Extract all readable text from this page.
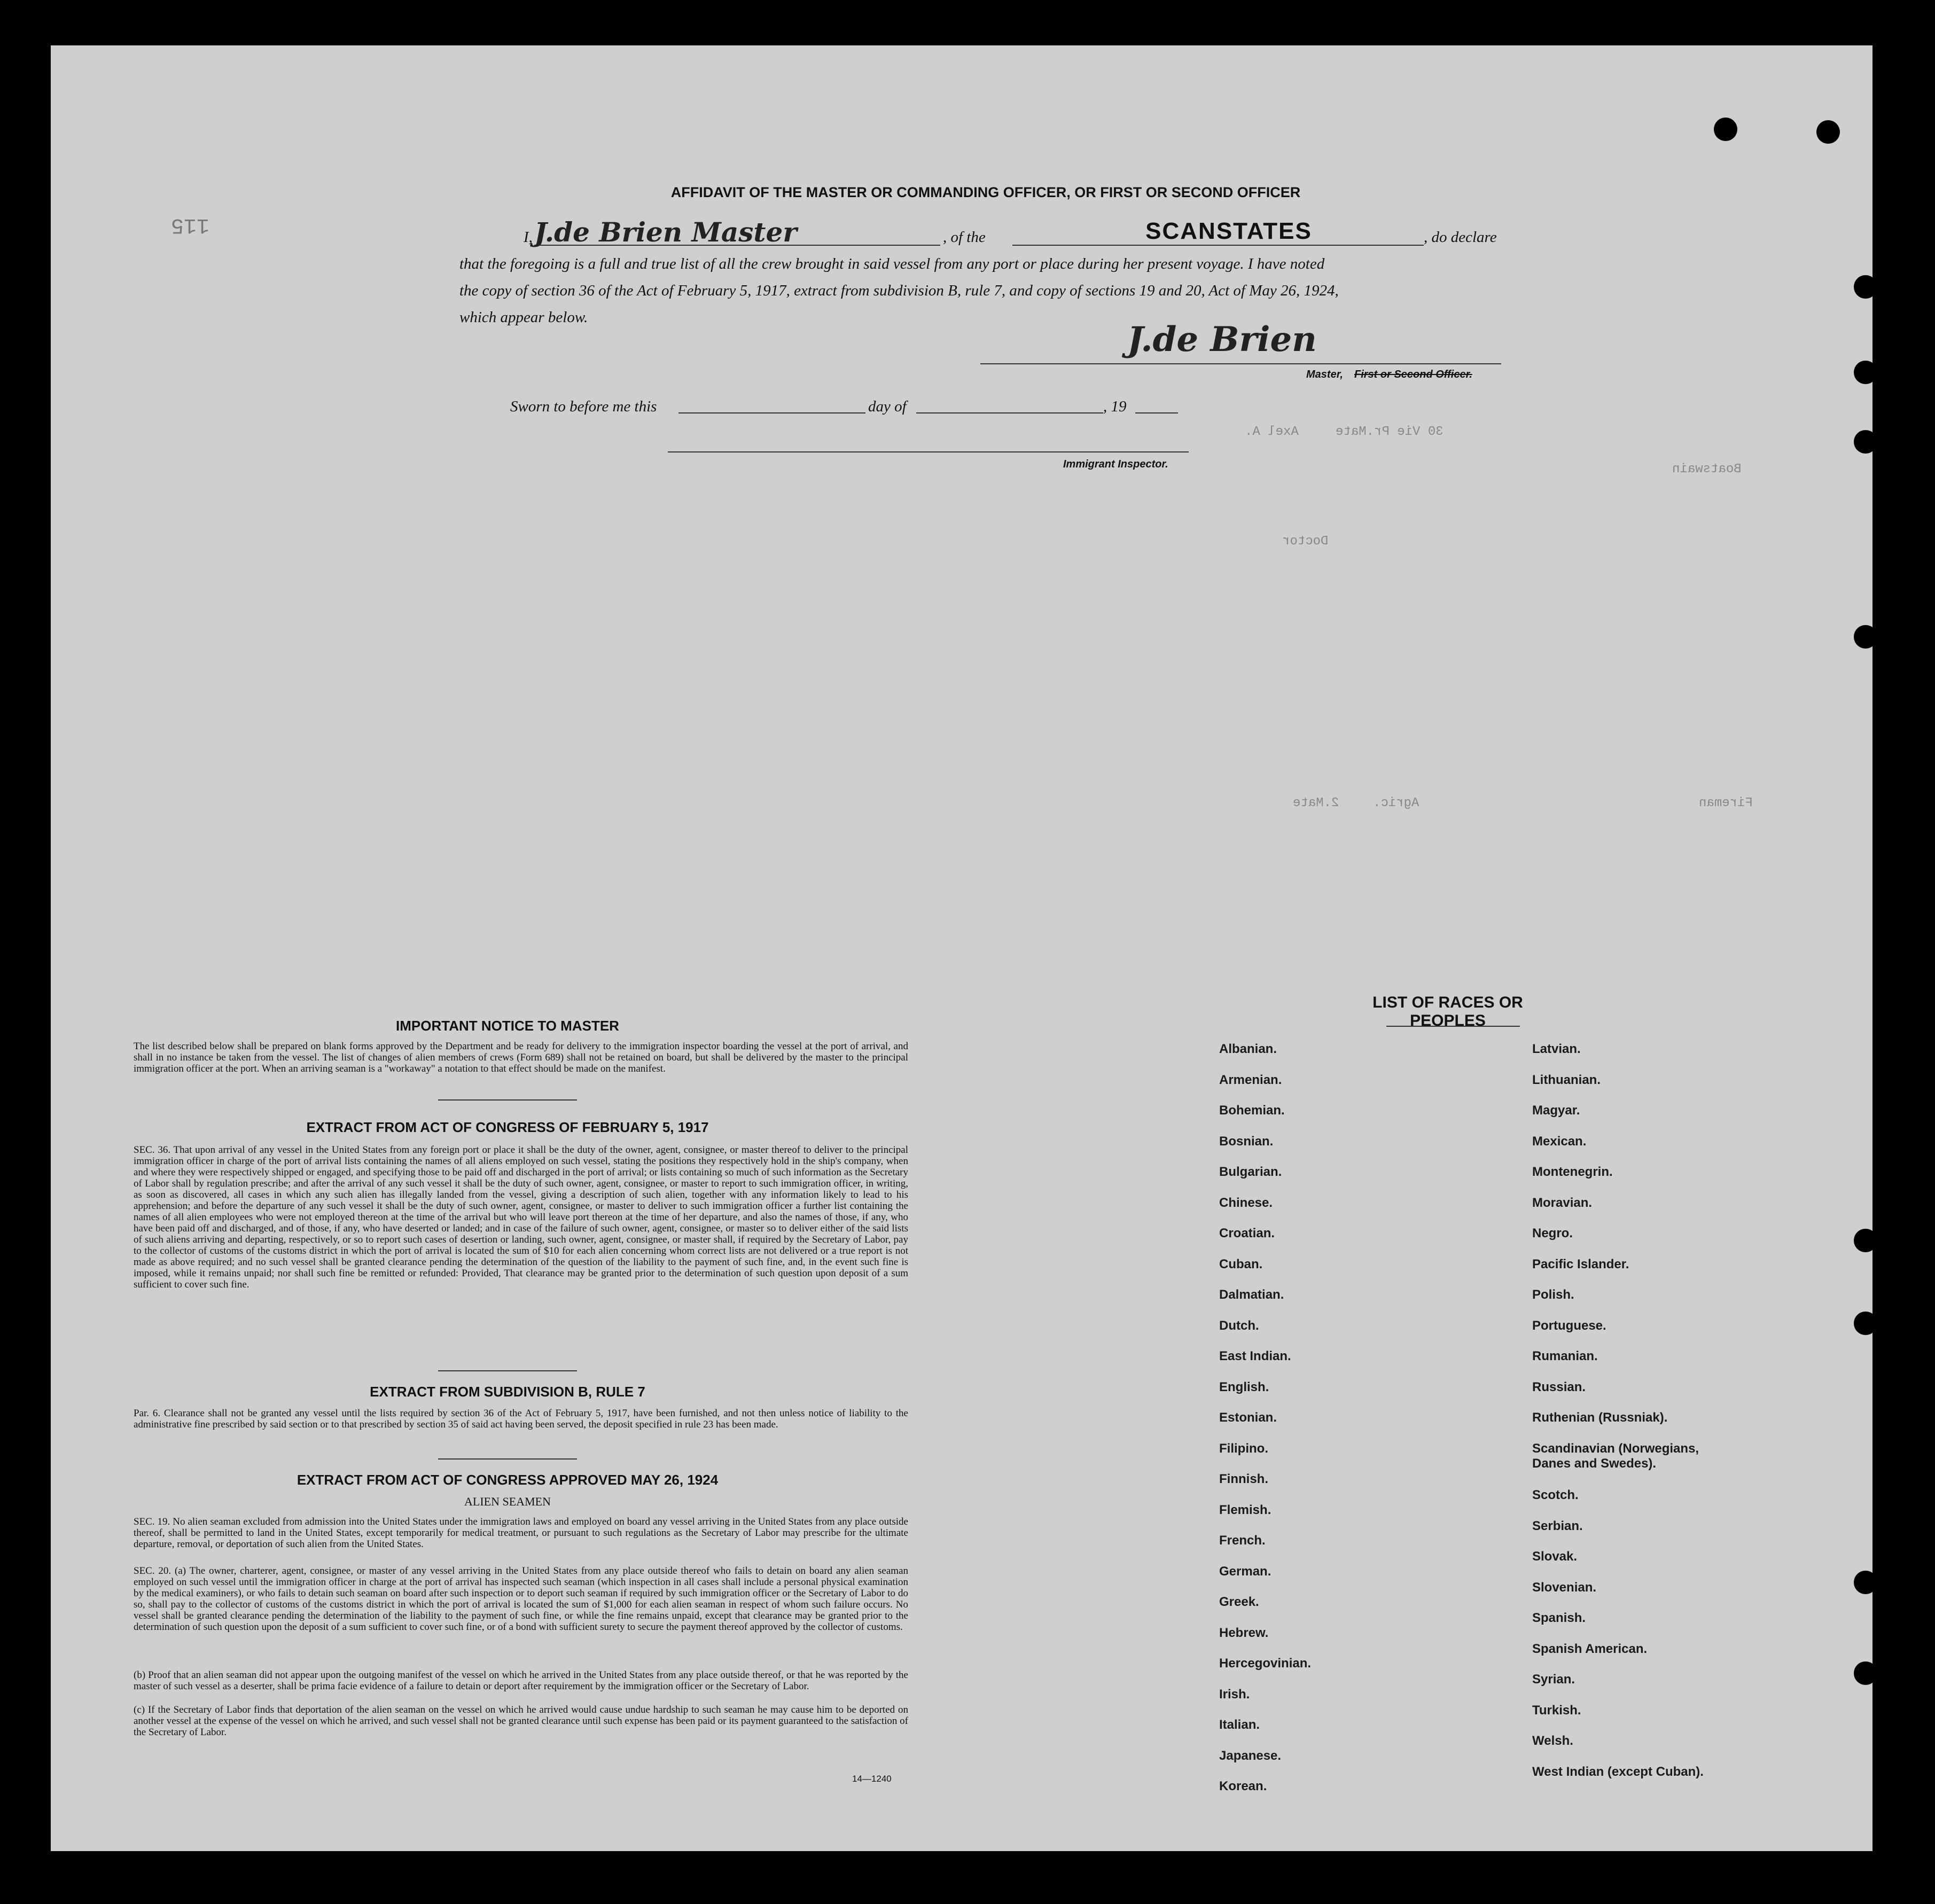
115
AFFIDAVIT OF THE MASTER OR COMMANDING OFFICER, OR FIRST OR SECOND OFFICER
I, J.de Brien Master	, of the	SCANSTATES	, do declare
that the foregoing is a full and true list of all the crew brought in said vessel from any port or place during her present voyage. I have noted
the copy of section 36 of the Act of February 5, 1917, extract from subdivision B, rule 7, and copy of sections 19 and 20, Act of May 26, 1924,
which appear below.
J.de Brien
Master, First or Second Officer.
Sworn to before me this	day of	, 19
Immigrant Inspector.
Axel A.	30 Vie Pr.Mate
Doctor
2.Mate	Fireman
Boatswain
Agric.
IMPORTANT NOTICE TO MASTER
The list described below shall be prepared on blank forms approved by the Department and be ready for delivery to the immigration inspector boarding the vessel at the port of arrival, and shall in no instance be taken from the vessel. The list of changes of alien members of crews (Form 689) shall not be retained on board, but shall be delivered by the master to the principal immigration officer at the port. When an arriving seaman is a "workaway" a notation to that effect should be made on the manifest.
EXTRACT FROM ACT OF CONGRESS OF FEBRUARY 5, 1917
SEC. 36. That upon arrival of any vessel in the United States from any foreign port or place it shall be the duty of the owner, agent, consignee, or master thereof to deliver to the principal immigration officer in charge of the port of arrival lists containing the names of all aliens employed on such vessel, stating the positions they respectively hold in the ship's company, when and where they were respectively shipped or engaged, and specifying those to be paid off and discharged in the port of arrival; or lists containing so much of such information as the Secretary of Labor shall by regulation prescribe; and after the arrival of any such vessel it shall be the duty of such owner, agent, consignee, or master to report to such immigration officer, in writing, as soon as discovered, all cases in which any such alien has illegally landed from the vessel, giving a description of such alien, together with any information likely to lead to his apprehension; and before the departure of any such vessel it shall be the duty of such owner, agent, consignee, or master to deliver to such immigration officer a further list containing the names of all alien employees who were not employed thereon at the time of the arrival but who will leave port thereon at the time of her departure, and also the names of those, if any, who have been paid off and discharged, and of those, if any, who have deserted or landed; and in case of the failure of such owner, agent, consignee, or master so to deliver either of the said lists of such aliens arriving and departing, respectively, or so to report such cases of desertion or landing, such owner, agent, consignee, or master shall, if required by the Secretary of Labor, pay to the collector of customs of the customs district in which the port of arrival is located the sum of $10 for each alien concerning whom correct lists are not delivered or a true report is not made as above required; and no such vessel shall be granted clearance pending the determination of the question of the liability to the payment of such fine, and, in the event such fine is imposed, while it remains unpaid; nor shall such fine be remitted or refunded: Provided, That clearance may be granted prior to the determination of such question upon deposit of a sum sufficient to cover such fine.
EXTRACT FROM SUBDIVISION B, RULE 7
Par. 6. Clearance shall not be granted any vessel until the lists required by section 36 of the Act of February 5, 1917, have been furnished, and not then unless notice of liability to the administrative fine prescribed by said section or to that prescribed by section 35 of said act having been served, the deposit specified in rule 23 has been made.
EXTRACT FROM ACT OF CONGRESS APPROVED MAY 26, 1924
ALIEN SEAMEN
SEC. 19. No alien seaman excluded from admission into the United States under the immigration laws and employed on board any vessel arriving in the United States from any place outside thereof, shall be permitted to land in the United States, except temporarily for medical treatment, or pursuant to such regulations as the Secretary of Labor may prescribe for the ultimate departure, removal, or deportation of such alien from the United States.
SEC. 20. (a) The owner, charterer, agent, consignee, or master of any vessel arriving in the United States from any place outside thereof who fails to detain on board any alien seaman employed on such vessel until the immigration officer in charge at the port of arrival has inspected such seaman (which inspection in all cases shall include a personal physical examination by the medical examiners), or who fails to detain such seaman on board after such inspection or to deport such seaman if required by such immigration officer or the Secretary of Labor to do so, shall pay to the collector of customs of the customs district in which the port of arrival is located the sum of $1,000 for each alien seaman in respect of whom such failure occurs. No vessel shall be granted clearance pending the determination of the liability to the payment of such fine, or while the fine remains unpaid, except that clearance may be granted prior to the determination of such question upon the deposit of a sum sufficient to cover such fine, or of a bond with sufficient surety to secure the payment thereof approved by the collector of customs.
(b) Proof that an alien seaman did not appear upon the outgoing manifest of the vessel on which he arrived in the United States from any place outside thereof, or that he was reported by the master of such vessel as a deserter, shall be prima facie evidence of a failure to detain or deport after requirement by the immigration officer or the Secretary of Labor.
(c) If the Secretary of Labor finds that deportation of the alien seaman on the vessel on which he arrived would cause undue hardship to such seaman he may cause him to be deported on another vessel at the expense of the vessel on which he arrived, and such vessel shall not be granted clearance until such expense has been paid or its payment guaranteed to the satisfaction of the Secretary of Labor.
14—1240
LIST OF RACES OR PEOPLES
Albanian.
Armenian.
Bohemian.
Bosnian.
Bulgarian.
Chinese.
Croatian.
Cuban.
Dalmatian.
Dutch.
East Indian.
English.
Estonian.
Filipino.
Finnish.
Flemish.
French.
German.
Greek.
Hebrew.
Hercegovinian.
Irish.
Italian.
Japanese.
Korean.
Latvian.
Lithuanian.
Magyar.
Mexican.
Montenegrin.
Moravian.
Negro.
Pacific Islander.
Polish.
Portuguese.
Rumanian.
Russian.
Ruthenian (Russniak).
Scandinavian (Norwegians, Danes and Swedes).
Scotch.
Serbian.
Slovak.
Slovenian.
Spanish.
Spanish American.
Syrian.
Turkish.
Welsh.
West Indian (except Cuban).
